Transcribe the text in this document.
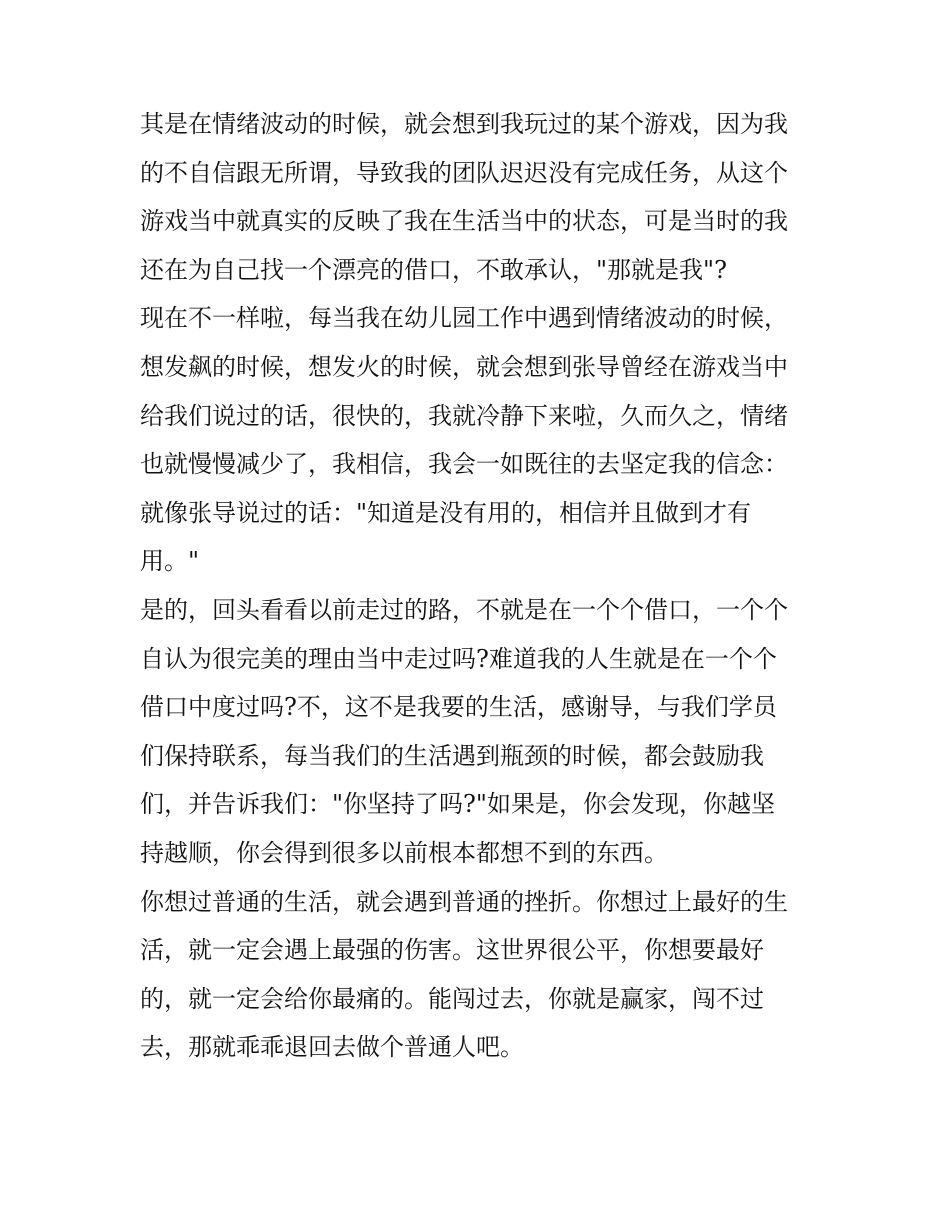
其是在情绪波动的时候，就会想到我玩过的某个游戏，因为我
的不自信跟无所谓，导致我的团队迟迟没有完成任务，从这个
游戏当中就真实的反映了我在生活当中的状态，可是当时的我
还在为自己找一个漂亮的借口，不敢承认，"那就是我"?
现在不一样啦，每当我在幼儿园工作中遇到情绪波动的时候，
想发飙的时候，想发火的时候，就会想到张导曾经在游戏当中
给我们说过的话，很快的，我就冷静下来啦，久而久之，情绪
也就慢慢减少了，我相信，我会一如既往的去坚定我的信念：
就像张导说过的话："知道是没有用的，相信并且做到才有
用。"
是的，回头看看以前走过的路，不就是在一个个借口，一个个
自认为很完美的理由当中走过吗?难道我的人生就是在一个个
借口中度过吗?不，这不是我要的生活，感谢导，与我们学员
们保持联系，每当我们的生活遇到瓶颈的时候，都会鼓励我
们，并告诉我们："你坚持了吗?"如果是，你会发现，你越坚
持越顺，你会得到很多以前根本都想不到的东西。
你想过普通的生活，就会遇到普通的挫折。你想过上最好的生
活，就一定会遇上最强的伤害。这世界很公平，你想要最好
的，就一定会给你最痛的。能闯过去，你就是赢家，闯不过
去，那就乖乖退回去做个普通人吧。
